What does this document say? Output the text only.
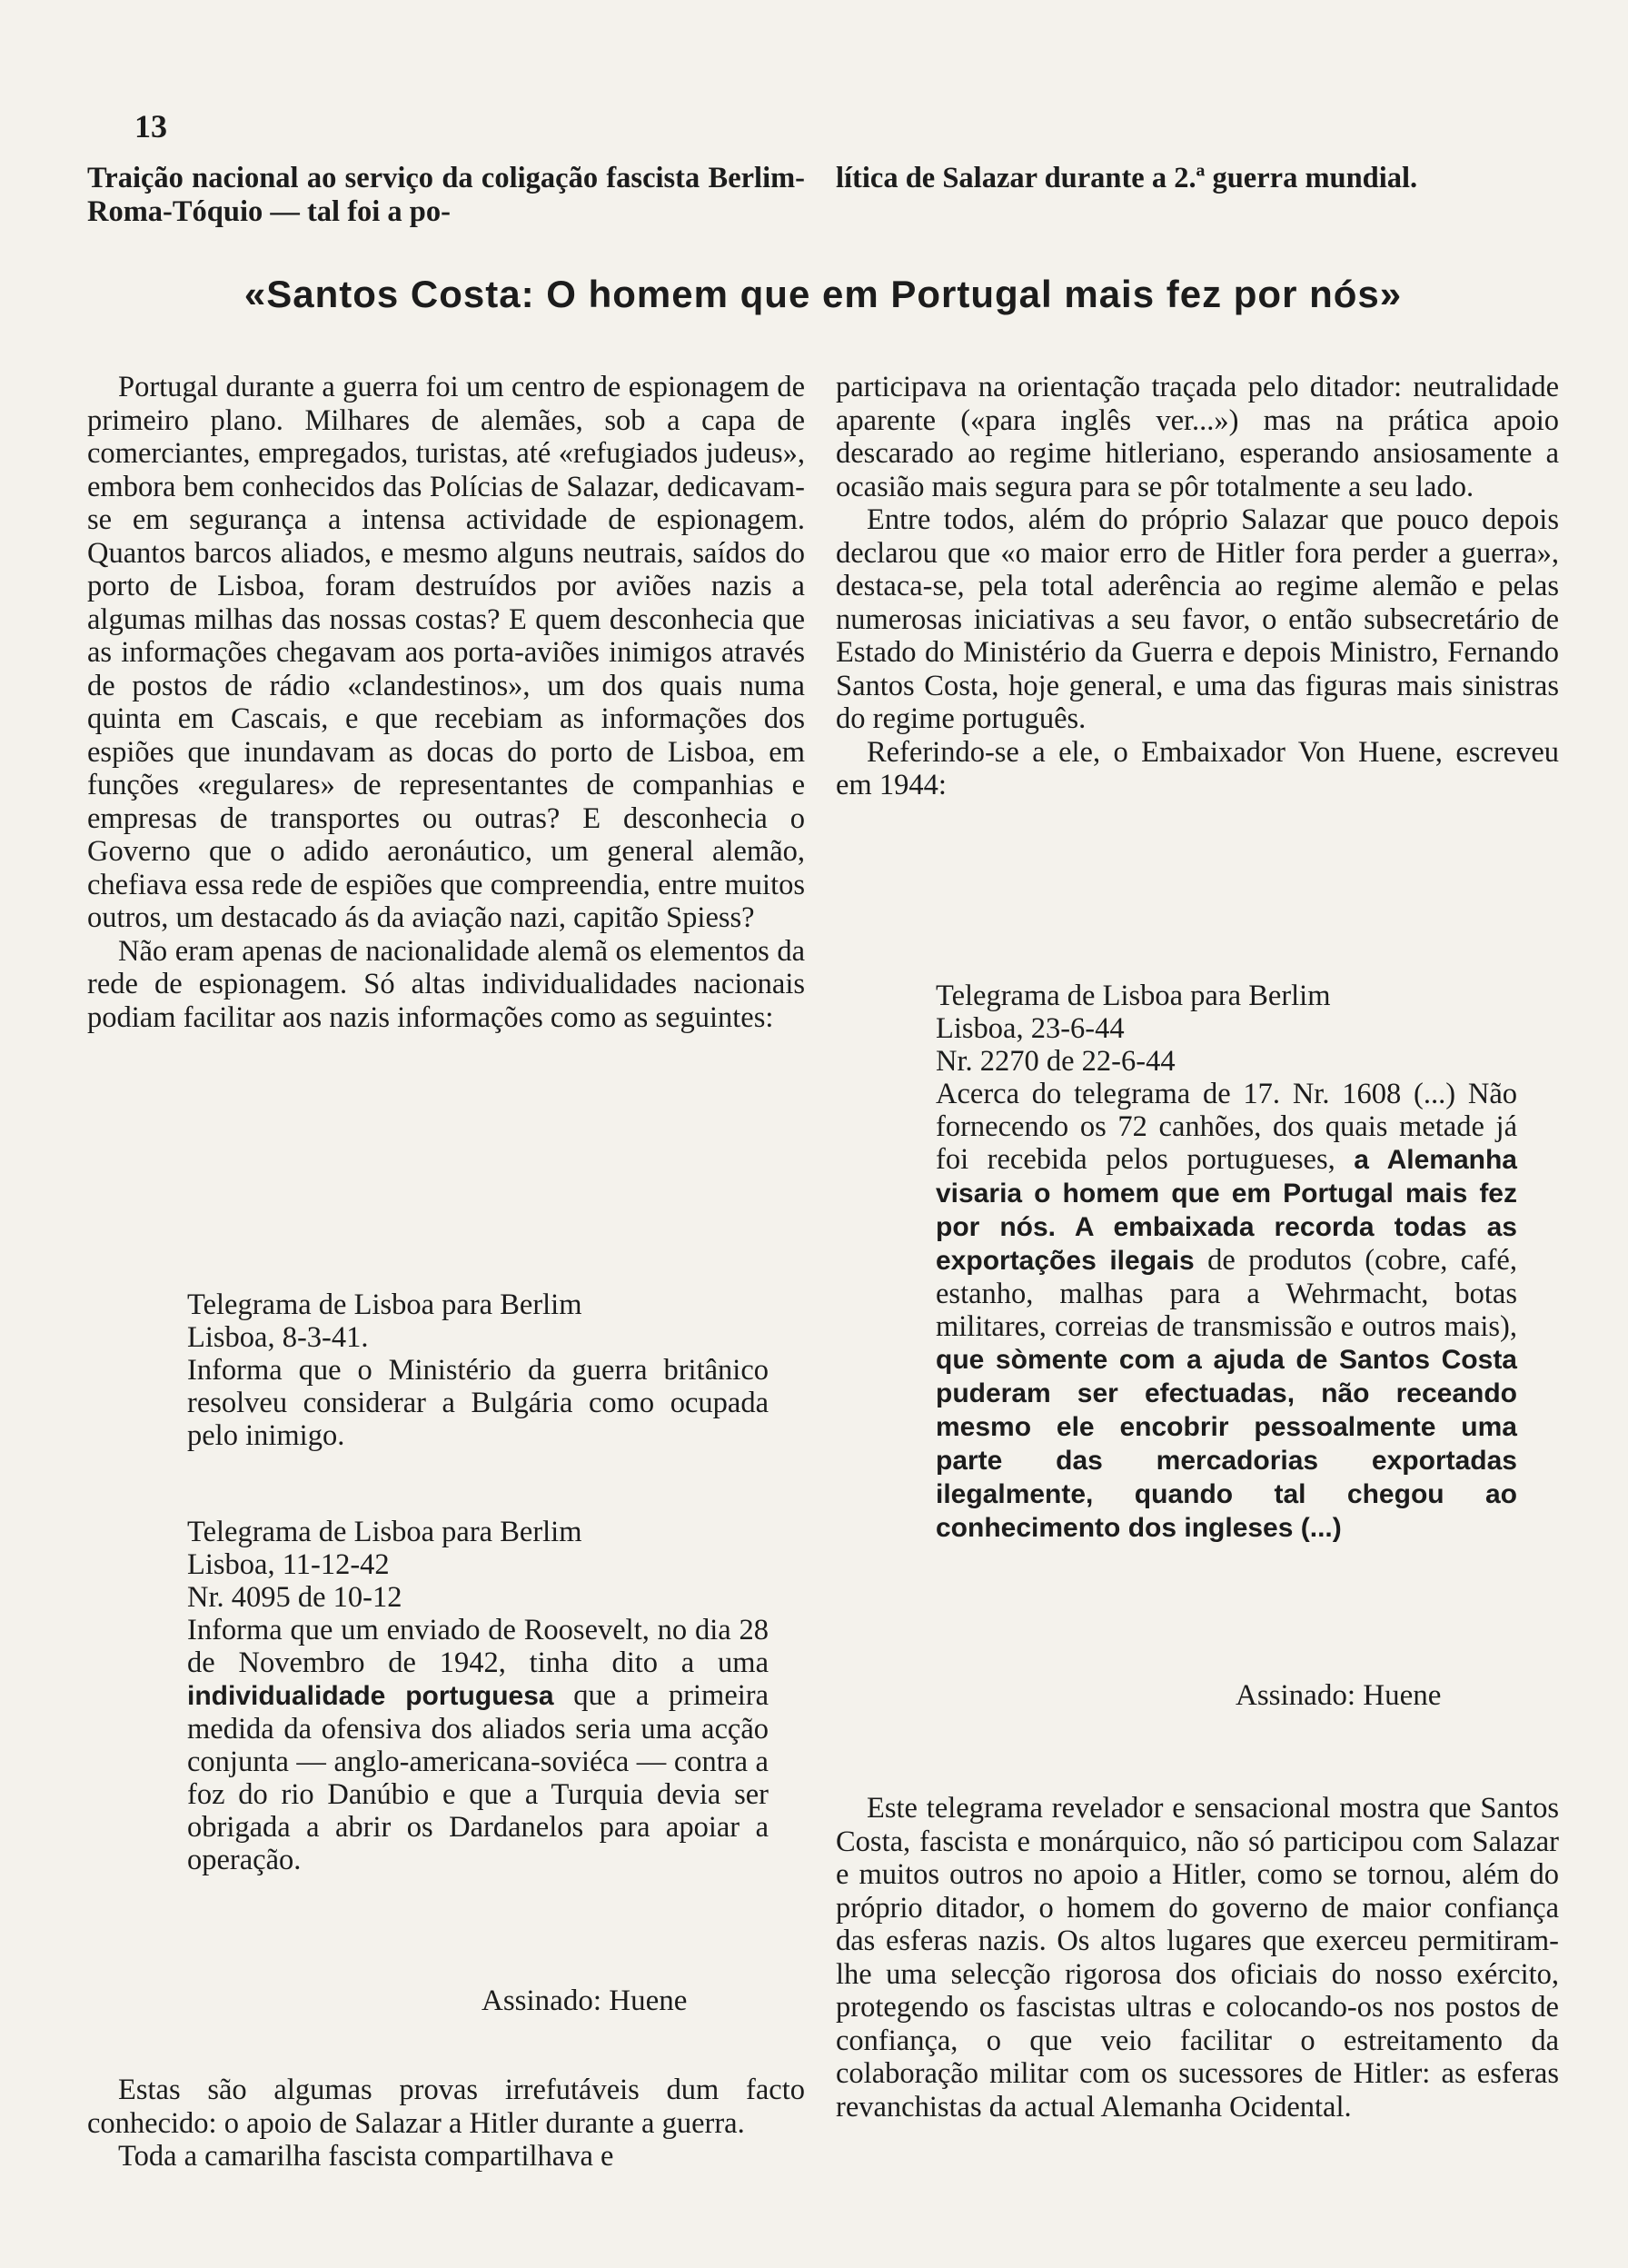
13

Traição nacional ao serviço da coligação fascista Berlim-Roma-Tóquio — tal foi a po-

lítica de Salazar durante a 2.ª guerra mundial.

«Santos Costa: O homem que em Portugal mais fez por nós»

Portugal durante a guerra foi um centro de espionagem de primeiro plano. Milhares de alemães, sob a capa de comerciantes, empregados, turistas, até «refugiados judeus», embora bem conhecidos das Polícias de Salazar, dedicavam-se em segurança a intensa actividade de espionagem. Quantos barcos aliados, e mesmo alguns neutrais, saídos do porto de Lisboa, foram destruídos por aviões nazis a algumas milhas das nossas costas? E quem desconhecia que as informações chegavam aos porta-aviões inimigos através de postos de rádio «clandestinos», um dos quais numa quinta em Cascais, e que recebiam as informações dos espiões que inundavam as docas do porto de Lisboa, em funções «regulares» de representantes de companhias e empresas de transportes ou outras? E desconhecia o Governo que o adido aeronáutico, um general alemão, chefiava essa rede de espiões que compreendia, entre muitos outros, um destacado ás da aviação nazi, capitão Spiess?

Não eram apenas de nacionalidade alemã os elementos da rede de espionagem. Só altas individualidades nacionais podiam facilitar aos nazis informações como as seguintes:

Telegrama de Lisboa para Berlim

Lisboa, 8-3-41.

Informa que o Ministério da guerra britânico resolveu considerar a Bulgária como ocupada pelo inimigo.

Telegrama de Lisboa para Berlim

Lisboa, 11-12-42

Nr. 4095 de 10-12

Informa que um enviado de Roosevelt, no dia 28 de Novembro de 1942, tinha dito a uma individualidade portuguesa que a primeira medida da ofensiva dos aliados seria uma acção conjunta — anglo-americana-soviéca — contra a foz do rio Danúbio e que a Turquia devia ser obrigada a abrir os Dardanelos para apoiar a operação.

Assinado: Huene

Estas são algumas provas irrefutáveis dum facto conhecido: o apoio de Salazar a Hitler durante a guerra.

Toda a camarilha fascista compartilhava e

participava na orientação traçada pelo ditador: neutralidade aparente («para inglês ver...») mas na prática apoio descarado ao regime hitleriano, esperando ansiosamente a ocasião mais segura para se pôr totalmente a seu lado.

Entre todos, além do próprio Salazar que pouco depois declarou que «o maior erro de Hitler fora perder a guerra», destaca-se, pela total aderência ao regime alemão e pelas numerosas iniciativas a seu favor, o então subsecretário de Estado do Ministério da Guerra e depois Ministro, Fernando Santos Costa, hoje general, e uma das figuras mais sinistras do regime português.

Referindo-se a ele, o Embaixador Von Huene, escreveu em 1944:

Telegrama de Lisboa para Berlim

Lisboa, 23-6-44

Nr. 2270 de 22-6-44

Acerca do telegrama de 17. Nr. 1608 (...) Não fornecendo os 72 canhões, dos quais metade já foi recebida pelos portugueses, a Alemanha visaria o homem que em Portugal mais fez por nós. A embaixada recorda todas as exportações ilegais de produtos (cobre, café, estanho, malhas para a Wehrmacht, botas militares, correias de transmissão e outros mais), que sòmente com a ajuda de Santos Costa puderam ser efectuadas, não receando mesmo ele encobrir pessoalmente uma parte das mercadorias exportadas ilegalmente, quando tal chegou ao conhecimento dos ingleses (...)

Assinado: Huene

Este telegrama revelador e sensacional mostra que Santos Costa, fascista e monárquico, não só participou com Salazar e muitos outros no apoio a Hitler, como se tornou, além do próprio ditador, o homem do governo de maior confiança das esferas nazis. Os altos lugares que exerceu permitiram-lhe uma selecção rigorosa dos oficiais do nosso exército, protegendo os fascistas ultras e colocando-os nos postos de confiança, o que veio facilitar o estreitamento da colaboração militar com os sucessores de Hitler: as esferas revanchistas da actual Alemanha Ocidental.
